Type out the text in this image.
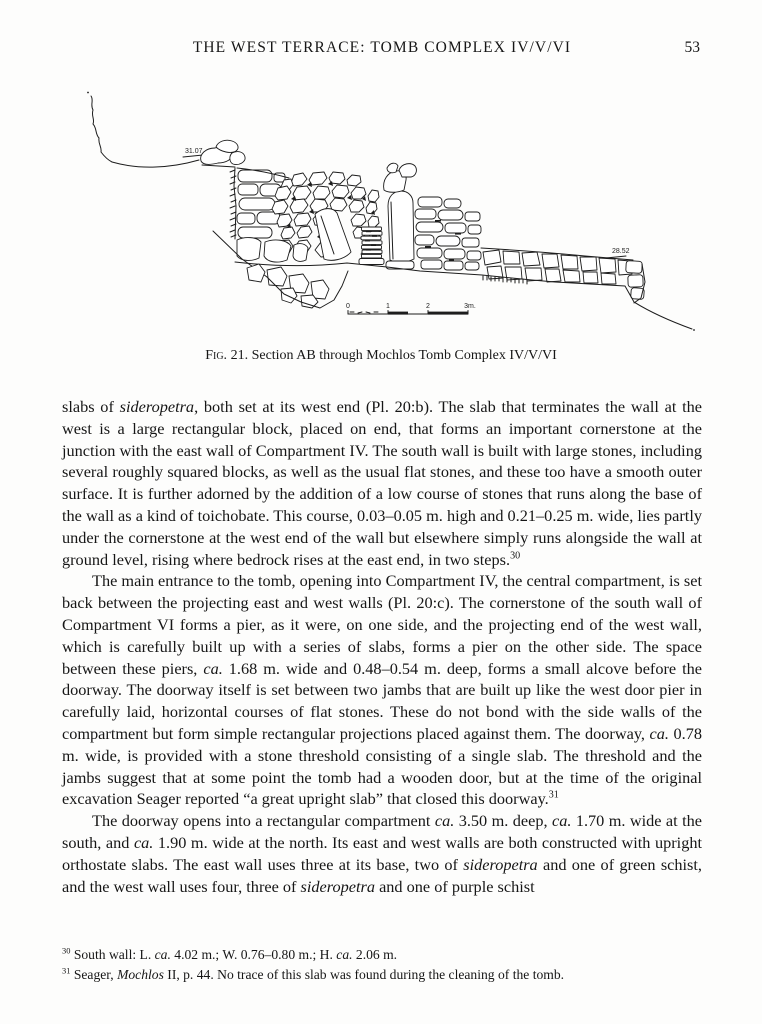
THE WEST TERRACE: TOMB COMPLEX IV/V/VI	53
31.07
28.52
0	1	2	3m.
Fig. 21. Section AB through Mochlos Tomb Complex IV/V/VI

slabs of sideropetra, both set at its west end (Pl. 20:b). The slab that terminates the wall at the west is a large rectangular block, placed on end, that forms an important cornerstone at the junction with the east wall of Compartment IV. The south wall is built with large stones, including several roughly squared blocks, as well as the usual flat stones, and these too have a smooth outer surface. It is further adorned by the addition of a low course of stones that runs along the base of the wall as a kind of toichobate. This course, 0.03–0.05 m. high and 0.21–0.25 m. wide, lies partly under the cornerstone at the west end of the wall but elsewhere simply runs alongside the wall at ground level, rising where bedrock rises at the east end, in two steps.$^{30}$

The main entrance to the tomb, opening into Compartment IV, the central compartment, is set back between the projecting east and west walls (Pl. 20:c). The cornerstone of the south wall of Compartment VI forms a pier, as it were, on one side, and the projecting end of the west wall, which is carefully built up with a series of slabs, forms a pier on the other side. The space between these piers, ca. 1.68 m. wide and 0.48–0.54 m. deep, forms a small alcove before the doorway. The doorway itself is set between two jambs that are built up like the west door pier in carefully laid, horizontal courses of flat stones. These do not bond with the side walls of the compartment but form simple rectangular projections placed against them. The doorway, ca. 0.78 m. wide, is provided with a stone threshold consisting of a single slab. The threshold and the jambs suggest that at some point the tomb had a wooden door, but at the time of the original excavation Seager reported “a great upright slab” that closed this doorway.$^{31}$

The doorway opens into a rectangular compartment ca. 3.50 m. deep, ca. 1.70 m. wide at the south, and ca. 1.90 m. wide at the north. Its east and west walls are both constructed with upright orthostate slabs. The east wall uses three at its base, two of sideropetra and one of green schist, and the west wall uses four, three of sideropetra and one of purple schist

$^{30}$ South wall: L. ca. 4.02 m.; W. 0.76–0.80 m.; H. ca. 2.06 m.

$^{31}$ Seager, Mochlos II, p. 44. No trace of this slab was found during the cleaning of the tomb.
